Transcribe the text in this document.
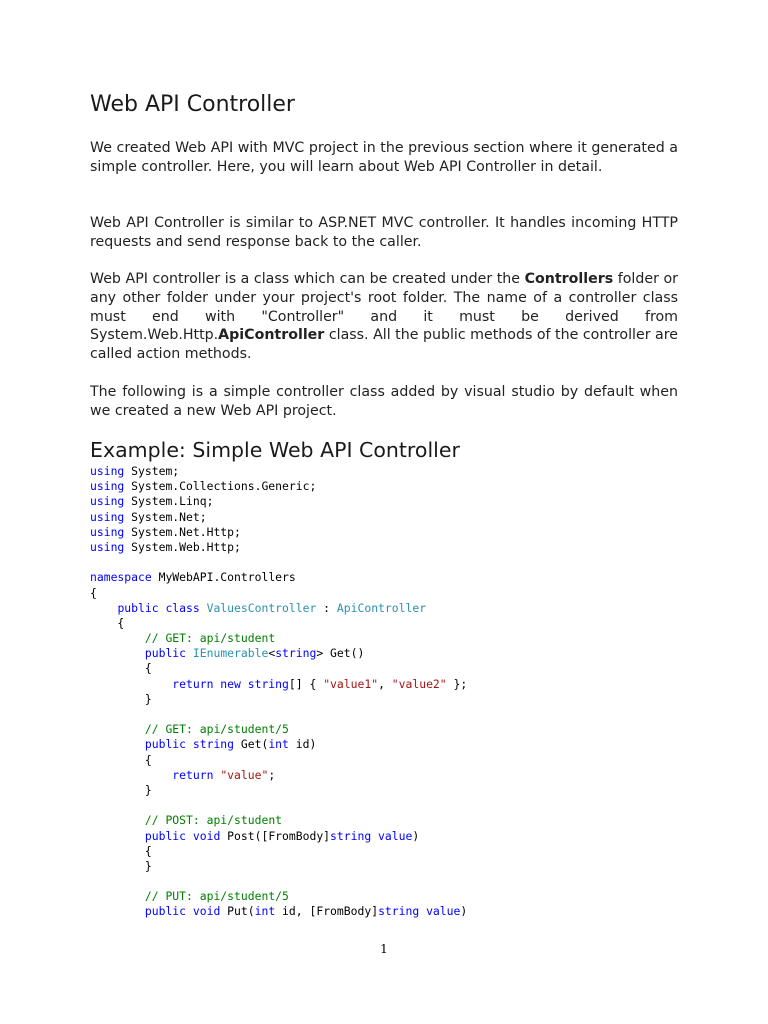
Web API Controller

We created Web API with MVC project in the previous section where it generated a simple controller. Here, you will learn about Web API Controller in detail.

Web API Controller is similar to ASP.NET MVC controller. It handles incoming HTTP requests and send response back to the caller.

Web API controller is a class which can be created under the Controllers folder or any other folder under your project's root folder. The name of a controller class must end with "Controller" and it must be derived from System.Web.Http.ApiController class. All the public methods of the controller are called action methods.

The following is a simple controller class added by visual studio by default when we created a new Web API project.

Example: Simple Web API Controller
using System;
using System.Collections.Generic;
using System.Linq;
using System.Net;
using System.Net.Http;
using System.Web.Http;

namespace MyWebAPI.Controllers
{
public class ValuesController : ApiController
{
// GET: api/student
public IEnumerable<string> Get()
{
return new string[] { "value1", "value2" };
}

// GET: api/student/5
public string Get(int id)
{
return "value";
}

// POST: api/student
public void Post([FromBody]string value)
{
}

// PUT: api/student/5
public void Put(int id, [FromBody]string value)
1
